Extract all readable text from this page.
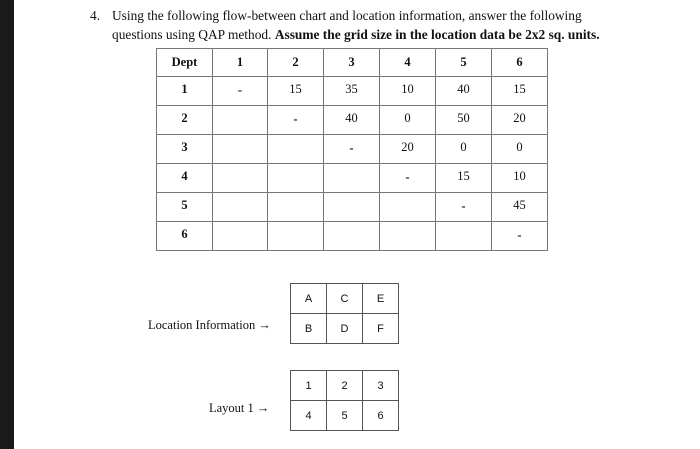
4. Using the following flow-between chart and location information, answer the following
questions using QAP method. Assume the grid size in the location data be 2x2 sq. units.
Dept	1	2	3	4	5	6
1	-	15	35	10	40	15
2		-	40	0	50	20
3			-	20	0	0
4				-	15	10
5					-	45
6						-
Location Information →
A	C	E
B	D	F
Layout 1 →
1	2	3
4	5	6
